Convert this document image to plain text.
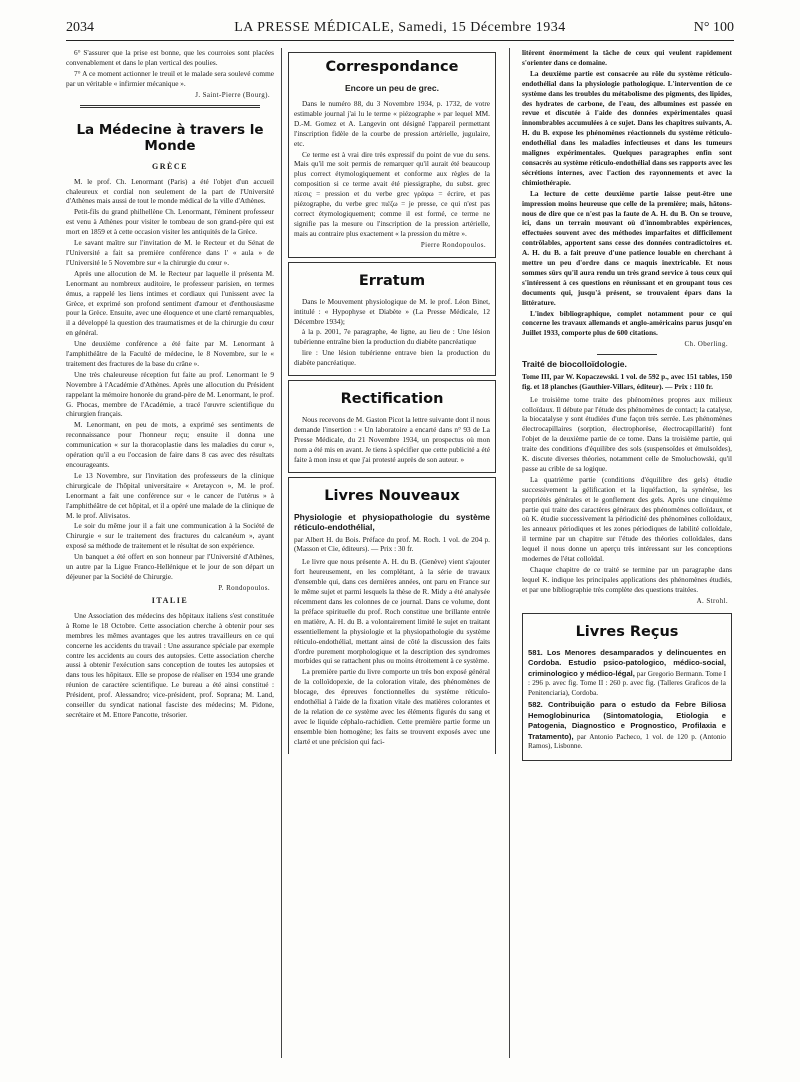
2034	LA PRESSE MÉDICALE, Samedi, 15 Décembre 1934	N° 100

6° S'assurer que la prise est bonne, que les courroies sont placées convenablement et dans le plan vertical des poulies.

7° A ce moment actionner le treuil et le malade sera soulevé comme par un véritable « infirmier mécanique ».

J. Saint-Pierre (Bourg).
La Médecine à travers le Monde
GRÈCE

M. le prof. Ch. Lenormant (Paris) a été l'objet d'un accueil chaleureux et cordial non seulement de la part de l'Université d'Athènes mais aussi de tout le monde médical de la ville d'Athènes.

Petit-fils du grand philhellène Ch. Lenormant, l'éminent professeur est venu à Athènes pour visiter le tombeau de son grand-père qui est mort en 1859 et à cette occasion visiter les antiquités de la Grèce.

Le savant maître sur l'invitation de M. le Recteur et du Sénat de l'Université a fait sa première conférence dans l' « aula » de l'Université le 5 Novembre sur « la chirurgie du cœur ».

Après une allocution de M. le Recteur par laquelle il présenta M. Lenormant au nombreux auditoire, le professeur parisien, en termes émus, a rappelé les liens intimes et cordiaux qui l'unissent avec la Grèce, et exprimé son profond sentiment d'amour et d'enthousiasme pour la Grèce. Ensuite, avec une éloquence et une clarté remarquables, il a développé la question des traumatismes et de la chirurgie du cœur en général.

Une deuxième conférence a été faite par M. Lenormant à l'amphithéâtre de la Faculté de médecine, le 8 Novembre, sur le « traitement des fractures de la base du crâne ».

Une très chaleureuse réception fut faite au prof. Lenormant le 9 Novembre à l'Académie d'Athènes. Après une allocution du Président rappelant la mémoire honorée du grand-père de M. Lenormant, le prof. G. Phocas, membre de l'Académie, a tracé l'œuvre scientifique du chirurgien français.

M. Lenormant, en peu de mots, a exprimé ses sentiments de reconnaissance pour l'honneur reçu; ensuite il donna une communication « sur la thoracoplastie dans les maladies du cœur », opération qu'il a eu l'occasion de faire dans 8 cas avec des résultats encourageants.

Le 13 Novembre, sur l'invitation des professeurs de la clinique chirurgicale de l'hôpital universitaire « Aretaycon », M. le prof. Lenormant a fait une conférence sur « le cancer de l'utérus » à l'amphithéâtre de cet hôpital, et il a opéré une malade de la clinique de M. le prof. Alivisatos.

Le soir du même jour il a fait une communication à la Société de Chirurgie « sur le traitement des fractures du calcanéum », ayant exposé sa méthode de traitement et le résultat de son expérience.

Un banquet a été offert en son honneur par l'Université d'Athènes, un autre par la Ligue Franco-Hellénique et le jour de son départ un déjeuner par la Société de Chirurgie.

P. Rondopoulos.
ITALIE

Une Association des médecins des hôpitaux italiens s'est constituée à Rome le 18 Octobre. Cette association cherche à obtenir pour ses membres les mêmes avantages que les autres travailleurs en ce qui concerne les accidents du travail : Une assurance spéciale par exemple contre les accidents au cours des autopsies. Cette association cherche aussi à obtenir l'exécution sans conception de toutes les autopsies et dans tous les hôpitaux. Elle se propose de réaliser en 1934 une grande réunion de caractère scientifique. Le bureau a été ainsi constitué : Président, prof. Alessandro; vice-président, prof. Soprana; M. Land, conseiller du syndicat national fasciste des médecins; M. Pidone, secrétaire et M. Ettore Pancotte, trésorier.

Correspondance
Encore un peu de grec.

Dans le numéro 88, du 3 Novembre 1934, p. 1732, de votre estimable journal j'ai lu le terme « piézographe » par lequel MM. D.-M. Gomez et A. Langevin ont désigné l'appareil permettant l'inscription fidèle de la courbe de pression artérielle, jugulaire, etc.

Ce terme est à vrai dire très expressif du point de vue du sens. Mais qu'il me soit permis de remarquer qu'il aurait été beaucoup plus correct étymologiquement et conforme aux règles de la composition si ce terme avait été piessigraphe, du subst. grec πίεσις = pression et du verbe grec γράφω = écrire, et pas piézographe, du verbe grec πιέζω = je presse, ce qui n'est pas correct étymologiquement; comme il est formé, ce terme ne signifie pas la mesure ou l'inscription de la pression artérielle, mais au contraire plus exactement « la pression du mètre ».

Pierre Rondopoulos.
Erratum

Dans le Mouvement physiologique de M. le prof. Léon Binet, intitulé : « Hypophyse et Diabète » (La Presse Médicale, 12 Décembre 1934);

à la p. 2001, 7e paragraphe, 4e ligne, au lieu de : Une lésion tubérienne entraîne bien la production du diabète pancréatique

lire : Une lésion tubérienne entrave bien la production du diabète pancréatique.

Rectification

Nous recevons de M. Gaston Picot la lettre suivante dont il nous demande l'insertion : « Un laboratoire a encarté dans n° 93 de La Presse Médicale, du 21 Novembre 1934, un prospectus où mon nom a été mis en avant. Je tiens à spécifier que cette publicité a été faite à mon insu et que j'ai protesté auprès de son auteur. »

Livres Nouveaux
Physiologie et physiopathologie du système réticulo-endothélial,
par Albert H. du Bois. Préface du prof. M. Roch. 1 vol. de 204 p. (Masson et Cie, éditeurs). — Prix : 30 fr.

Le livre que nous présente A. H. du B. (Genève) vient s'ajouter fort heureusement, en les complétant, à la série de travaux d'ensemble qui, dans ces dernières années, ont paru en France sur le même sujet et parmi lesquels la thèse de R. Midy a été analysée récemment dans les colonnes de ce journal. Dans ce volume, dont la préface spirituelle du prof. Roch constitue une brillante entrée en matière, A. H. du B. a volontairement limité le sujet en traitant essentiellement la physiologie et la physiopathologie du système réticulo-endothélial, mettant ainsi de côté la discussion des faits d'ordre purement morphologique et la description des syndromes morbides qui se rattachent plus ou moins étroitement à ce système.

La première partie du livre comporte un très bon exposé général de la colloïdopexie, de la coloration vitale, des phénomènes de blocage, des épreuves fonctionnelles du système réticulo-endothélial à l'aide de la fixation vitale des matières colorantes et de la relation de ce système avec les éléments figurés du sang et avec le liquide céphalo-rachidien. Cette première partie forme un ensemble bien homogène; les faits se trouvent exposés avec une clarté et une précision qui faci-

litèrent énormément la tâche de ceux qui veulent rapidement s'orienter dans ce domaine.

La deuxième partie est consacrée au rôle du système réticulo-endothélial dans la physiologie pathologique. L'intervention de ce système dans les troubles du métabolisme des pigments, des lipides, des hydrates de carbone, de l'eau, des albumines est passée en revue et discutée à l'aide des données expérimentales quasi innombrables accumulées à ce sujet. Dans les chapitres suivants, A. H. du B. expose les phénomènes réactionnels du système réticulo-endothélial dans les maladies infectieuses et dans les tumeurs malignes expérimentales. Quelques paragraphes enfin sont consacrés au système réticulo-endothélial dans ses rapports avec les sécrétions internes, avec l'action des rayonnements et avec la chimiothérapie.

La lecture de cette deuxième partie laisse peut-être une impression moins heureuse que celle de la première; mais, hâtons-nous de dire que ce n'est pas la faute de A. H. du B. On se trouve, ici, dans un terrain mouvant où d'innombrables expériences, effectuées souvent avec des méthodes imparfaites et difficilement contrôlables, apportent sans cesse des données contradictoires et. A. H. du B. a fait preuve d'une patience louable en cherchant à mettre un peu d'ordre dans ce maquis inextricable. Et nous sommes sûrs qu'il aura rendu un très grand service à tous ceux qui s'intéressent à ces questions en réunissant et en groupant tous ces documents qui, jusqu'à présent, se trouvaient épars dans la littérature.

L'index bibliographique, complet notamment pour ce qui concerne les travaux allemands et anglo-américains parus jusqu'en Juillet 1933, comporte plus de 600 citations.

Ch. Oberling.
Traité de biocolloïdologie.
Tome III, par W. Kopaczewski. 1 vol. de 592 p., avec 151 tables, 150 fig. et 18 planches (Gauthier-Villars, éditeur). — Prix : 110 fr.

Le troisième tome traite des phénomènes propres aux milieux colloïdaux. Il débute par l'étude des phénomènes de contact; la catalyse, la biocatalyse y sont étudiées d'une façon très serrée. Les phénomènes électrocapillaires (sorption, électrophorèse, électrocapillarité) font l'objet de la deuxième partie de ce tome. Dans la troisième partie, qui traite des conditions d'équilibre des sols (suspensoïdes et émulsoïdes), K. discute diverses théories, notamment celle de Smoluchowski, qu'il passe au crible de sa logique.

La quatrième partie (conditions d'équilibre des gels) étudie successivement la gélification et la liquéfaction, la synérèse, les propriétés générales et le gonflement des gels. Après une cinquième partie qui traite des caractères généraux des phénomènes colloïdaux, et où K. étudie successivement la périodicité des phénomènes colloïdaux, les anneaux périodiques et les zones périodiques de labilité colloïdale, il termine par un chapitre sur l'étude des théories colloïdales, dans lequel il nous donne un aperçu très intéressant sur les conceptions modernes de l'état colloïdal.

Chaque chapitre de ce traité se termine par un paragraphe dans lequel K. indique les principales applications des phénomènes étudiés, et par une bibliographie très complète des questions traitées.

A. Strohl.
Livres Reçus
581. Los Menores desamparados y delincuentes en Cordoba. Estudio psico-patologico, médico-social, criminologico y médico-légal, par Gregorio Bermann. Tome I : 296 p. avec fig. Tome II : 260 p. avec fig. (Talleres Graficos de la Penitenciaria), Cordoba.
582. Contribuição para o estudo da Febre Biliosa Hemoglobinurica (Sintomatologia, Etiologia e Patogenia, Diagnostico e Prognostico, Profilaxia e Tratamento), par Antonio Pacheco, 1 vol. de 120 p. (Antonio Ramos), Lisbonne.
